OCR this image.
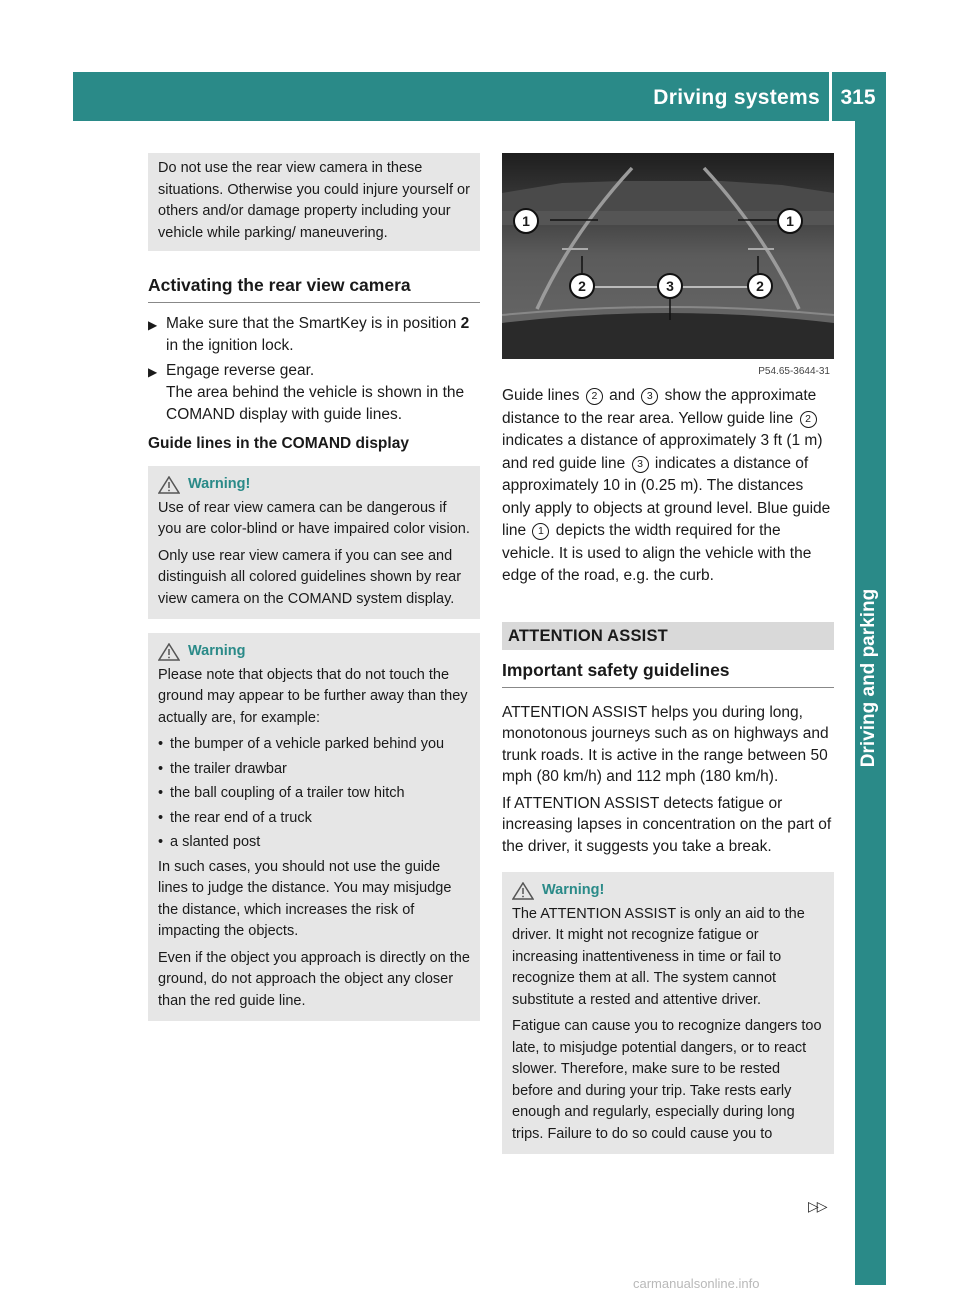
Driving systems 315
Driving and parking

Do not use the rear view camera in these situations. Otherwise you could injure yourself or others and/or damage property including your vehicle while parking/ maneuvering.

Activating the rear view camera
▶ Make sure that the SmartKey is in position 2 in the ignition lock.
▶ Engage reverse gear.
The area behind the vehicle is shown in the COMAND display with guide lines.
Guide lines in the COMAND display
Warning!

Use of rear view camera can be dangerous if you are color-blind or have impaired color vision.

Only use rear view camera if you can see and distinguish all colored guidelines shown by rear view camera on the COMAND system display.

Warning

Please note that objects that do not touch the ground may appear to be further away than they actually are, for example:

• the bumper of a vehicle parked behind you
• the trailer drawbar
• the ball coupling of a trailer tow hitch
• the rear end of a truck
• a slanted post

In such cases, you should not use the guide lines to judge the distance. You may misjudge the distance, which increases the risk of impacting the objects.

Even if the object you approach is directly on the ground, do not approach the object any closer than the red guide line.

1	1
2	3	2
P54.65-3644-31
Guide lines 2 and 3 show the approximate distance to the rear area. Yellow guide line 2 indicates a distance of approximately 3 ft (1 m) and red guide line 3 indicates a distance of approximately 10 in (0.25 m). The distances only apply to objects at ground level. Blue guide line 1 depicts the width required for the vehicle. It is used to align the vehicle with the edge of the road, e.g. the curb.
ATTENTION ASSIST
Important safety guidelines

ATTENTION ASSIST helps you during long, monotonous journeys such as on highways and trunk roads. It is active in the range between 50 mph (80 km/h) and 112 mph (180 km/h).

If ATTENTION ASSIST detects fatigue or increasing lapses in concentration on the part of the driver, it suggests you take a break.

Warning!

The ATTENTION ASSIST is only an aid to the driver. It might not recognize fatigue or increasing inattentiveness in time or fail to recognize them at all. The system cannot substitute a rested and attentive driver.

Fatigue can cause you to recognize dangers too late, to misjudge potential dangers, or to react slower. Therefore, make sure to be rested before and during your trip. Take rests early enough and regularly, especially during long trips. Failure to do so could cause you to

▷▷
carmanualsonline.info
